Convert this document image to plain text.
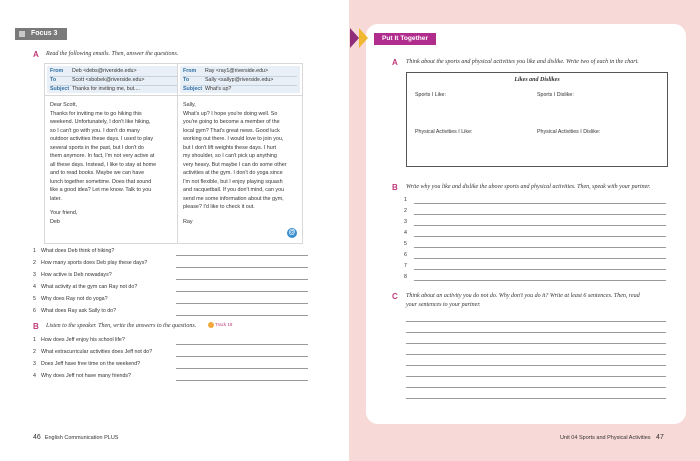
Focus 3
A Read the following emails. Then, answer the questions.
From Deb <debs@riverside.edu>
To	Scott <sbobek@riverside.edu>
Subject Thanks for inviting me, but....

Dear Scott,

Thanks for inviting me to go hiking this

weekend. Unfortunately, I don't like hiking,

so I can't go with you. I don't do many

outdoor activities these days. I used to play

several sports in the past, but I don't do

them anymore. In fact, I'm not very active at

all these days. Instead, I like to stay at home

and to read books. Maybe we can have

lunch together sometime. Does that sound

like a good idea? Let me know. Talk to you

later.

Your friend,

Deb

From Ray <ray1@riverside.edu>
To	Sally <sallyp@riverside.edu>
Subject What's up?

Sally,

What's up? I hope you're doing well. So

you're going to become a member of the

local gym? That's great news. Good luck

working out there. I would love to join you,

but I don't lift weights these days. I hurt

my shoulder, so I can't pick up anything

very heavy. But maybe I can do some other

activities at the gym. I don't do yoga since

I'm not flexible, but I enjoy playing squash

and racquetball. If you don't mind, can you

send me some information about the gym,

please? I'd like to check it out.

Ray

@
1 What does Deb think of hiking?
2 How many sports does Deb play these days?
3 How active is Deb nowadays?
4 What activity at the gym can Ray not do?
5 Why does Ray not do yoga?
6 What does Ray ask Sally to do?
B Listen to the speaker. Then, write the answers to the questions.	Track 18
1 How does Jeff enjoy his school life?
2 What extracurricular activities does Jeff not do?
3 Does Jeff have free time on the weekend?
4 Why does Jeff not have many friends?
46 English Communication PLUS
Put It Together
A Think about the sports and physical activities you like and dislike. Write two of each in the chart.
Likes and Dislikes
Sports I Like:	Sports I Dislike:
Physical Activities I Like:	Physical Activities I Dislike:
B Write why you like and dislike the above sports and physical activities. Then, speak with your partner.
1
2
3
4
5
6
7
8
C Think about an activity you do not do. Why don't you do it? Write at least 6 sentences. Then, read
your sentences to your partner.
Unit 04 Sports and Physical Activities 47
